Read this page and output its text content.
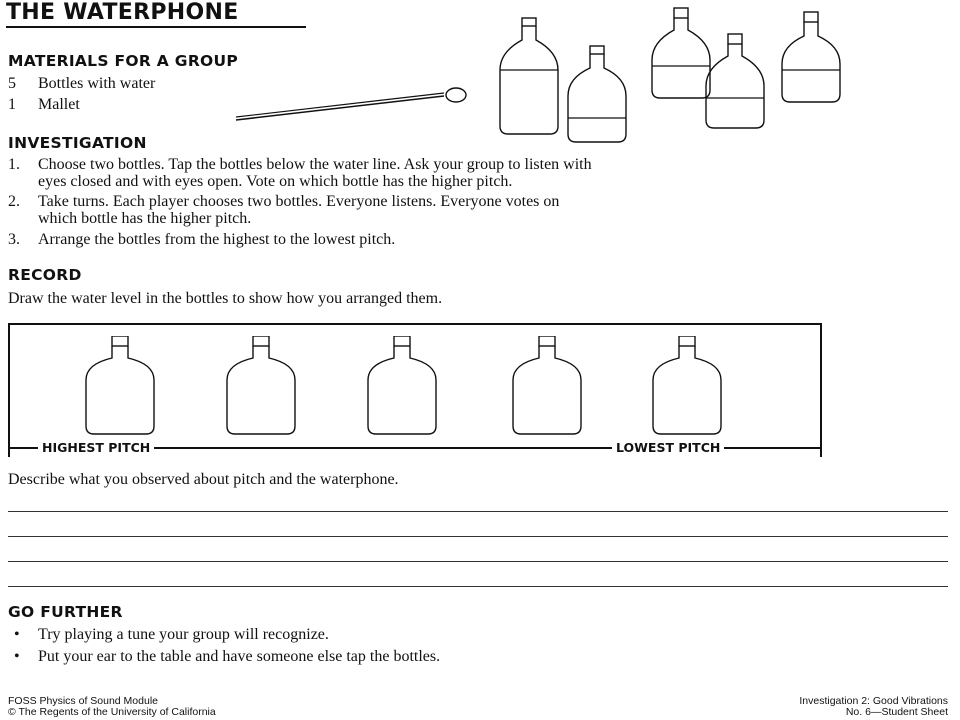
THE WATERPHONE
MATERIALS FOR A GROUP
5 Bottles with water
1 Mallet
INVESTIGATION
1. Choose two bottles. Tap the bottles below the water line. Ask your group to listen with
eyes closed and with eyes open. Vote on which bottle has the higher pitch.
2. Take turns. Each player chooses two bottles. Everyone listens. Everyone votes on
which bottle has the higher pitch.
3. Arrange the bottles from the highest to the lowest pitch.
RECORD
Draw the water level in the bottles to show how you arranged them.
HIGHEST PITCH	LOWEST PITCH
Describe what you observed about pitch and the waterphone.
GO FURTHER
• Try playing a tune your group will recognize.
• Put your ear to the table and have someone else tap the bottles.
FOSS Physics of Sound Module
© The Regents of the University of California
Investigation 2: Good Vibrations
No. 6—Student Sheet
